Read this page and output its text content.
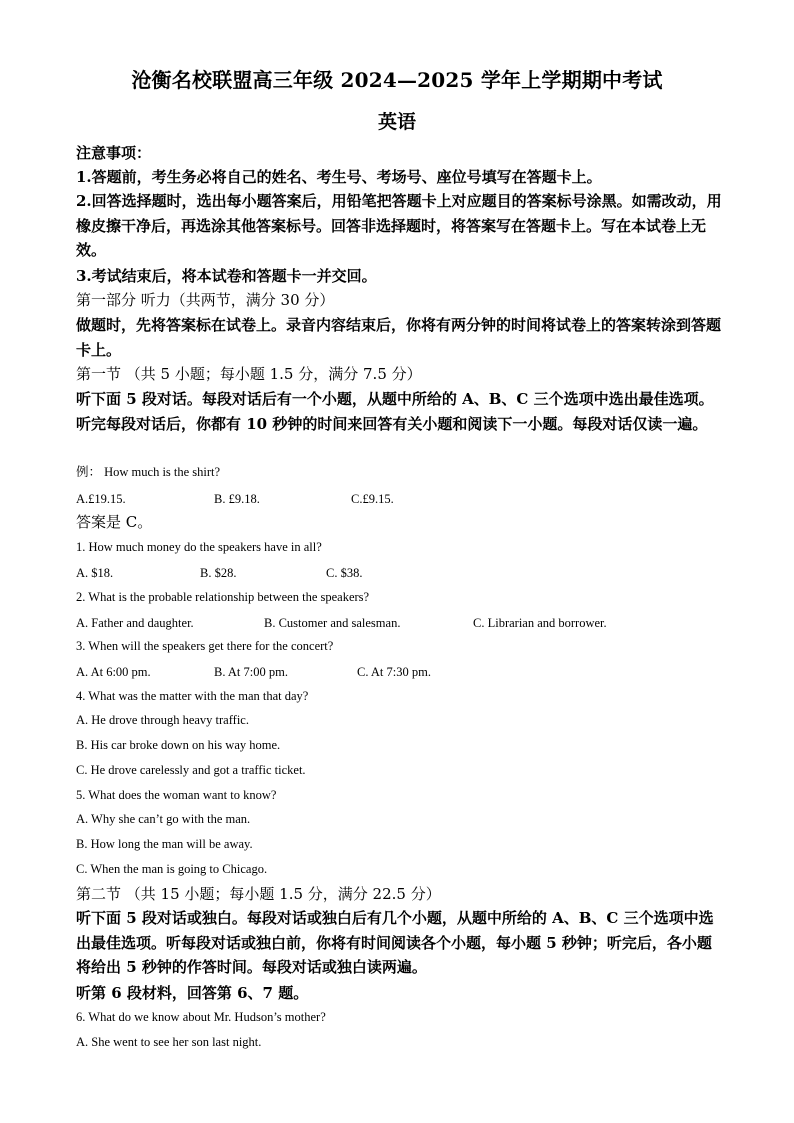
沧衡名校联盟高三年级 2024—2025 学年上学期期中考试
英语
注意事项：
1.答题前，考生务必将自己的姓名、考生号、考场号、座位号填写在答题卡上。
2.回答选择题时，选出每小题答案后，用铅笔把答题卡上对应题目的答案标号涂黑。如需改动，用橡皮擦干净后，再选涂其他答案标号。回答非选择题时，将答案写在答题卡上。写在本试卷上无效。
3.考试结束后，将本试卷和答题卡一并交回。
第一部分 听力（共两节，满分 30 分）
做题时，先将答案标在试卷上。录音内容结束后，你将有两分钟的时间将试卷上的答案转涂到答题卡上。
第一节 （共 5 小题；每小题 1.5 分，满分 7.5 分）
听下面 5 段对话。每段对话后有一个小题，从题中所给的 A、B、C 三个选项中选出最佳选项。听完每段对话后，你都有 10 秒钟的时间来回答有关小题和阅读下一小题。每段对话仅读一遍。
例： How much is the shirt?
A.£19.15.	B. £9.18.	C.£9.15.
答案是 C。
1. How much money do the speakers have in all?
A. $18.	B. $28.	C. $38.
2. What is the probable relationship between the speakers?
A. Father and daughter.	B. Customer and salesman.	C. Librarian and borrower.
3. When will the speakers get there for the concert?
A. At 6:00 pm.	B. At 7:00 pm.	C. At 7:30 pm.
4. What was the matter with the man that day?
A. He drove through heavy traffic.
B. His car broke down on his way home.
C. He drove carelessly and got a traffic ticket.
5. What does the woman want to know?
A. Why she can’t go with the man.
B. How long the man will be away.
C. When the man is going to Chicago.
第二节 （共 15 小题；每小题 1.5 分，满分 22.5 分）
听下面 5 段对话或独白。每段对话或独白后有几个小题，从题中所给的 A、B、C 三个选项中选出最佳选项。听每段对话或独白前，你将有时间阅读各个小题，每小题 5 秒钟；听完后，各小题将给出 5 秒钟的作答时间。每段对话或独白读两遍。
听第 6 段材料，回答第 6、7 题。
6. What do we know about Mr. Hudson’s mother?
A. She went to see her son last night.
